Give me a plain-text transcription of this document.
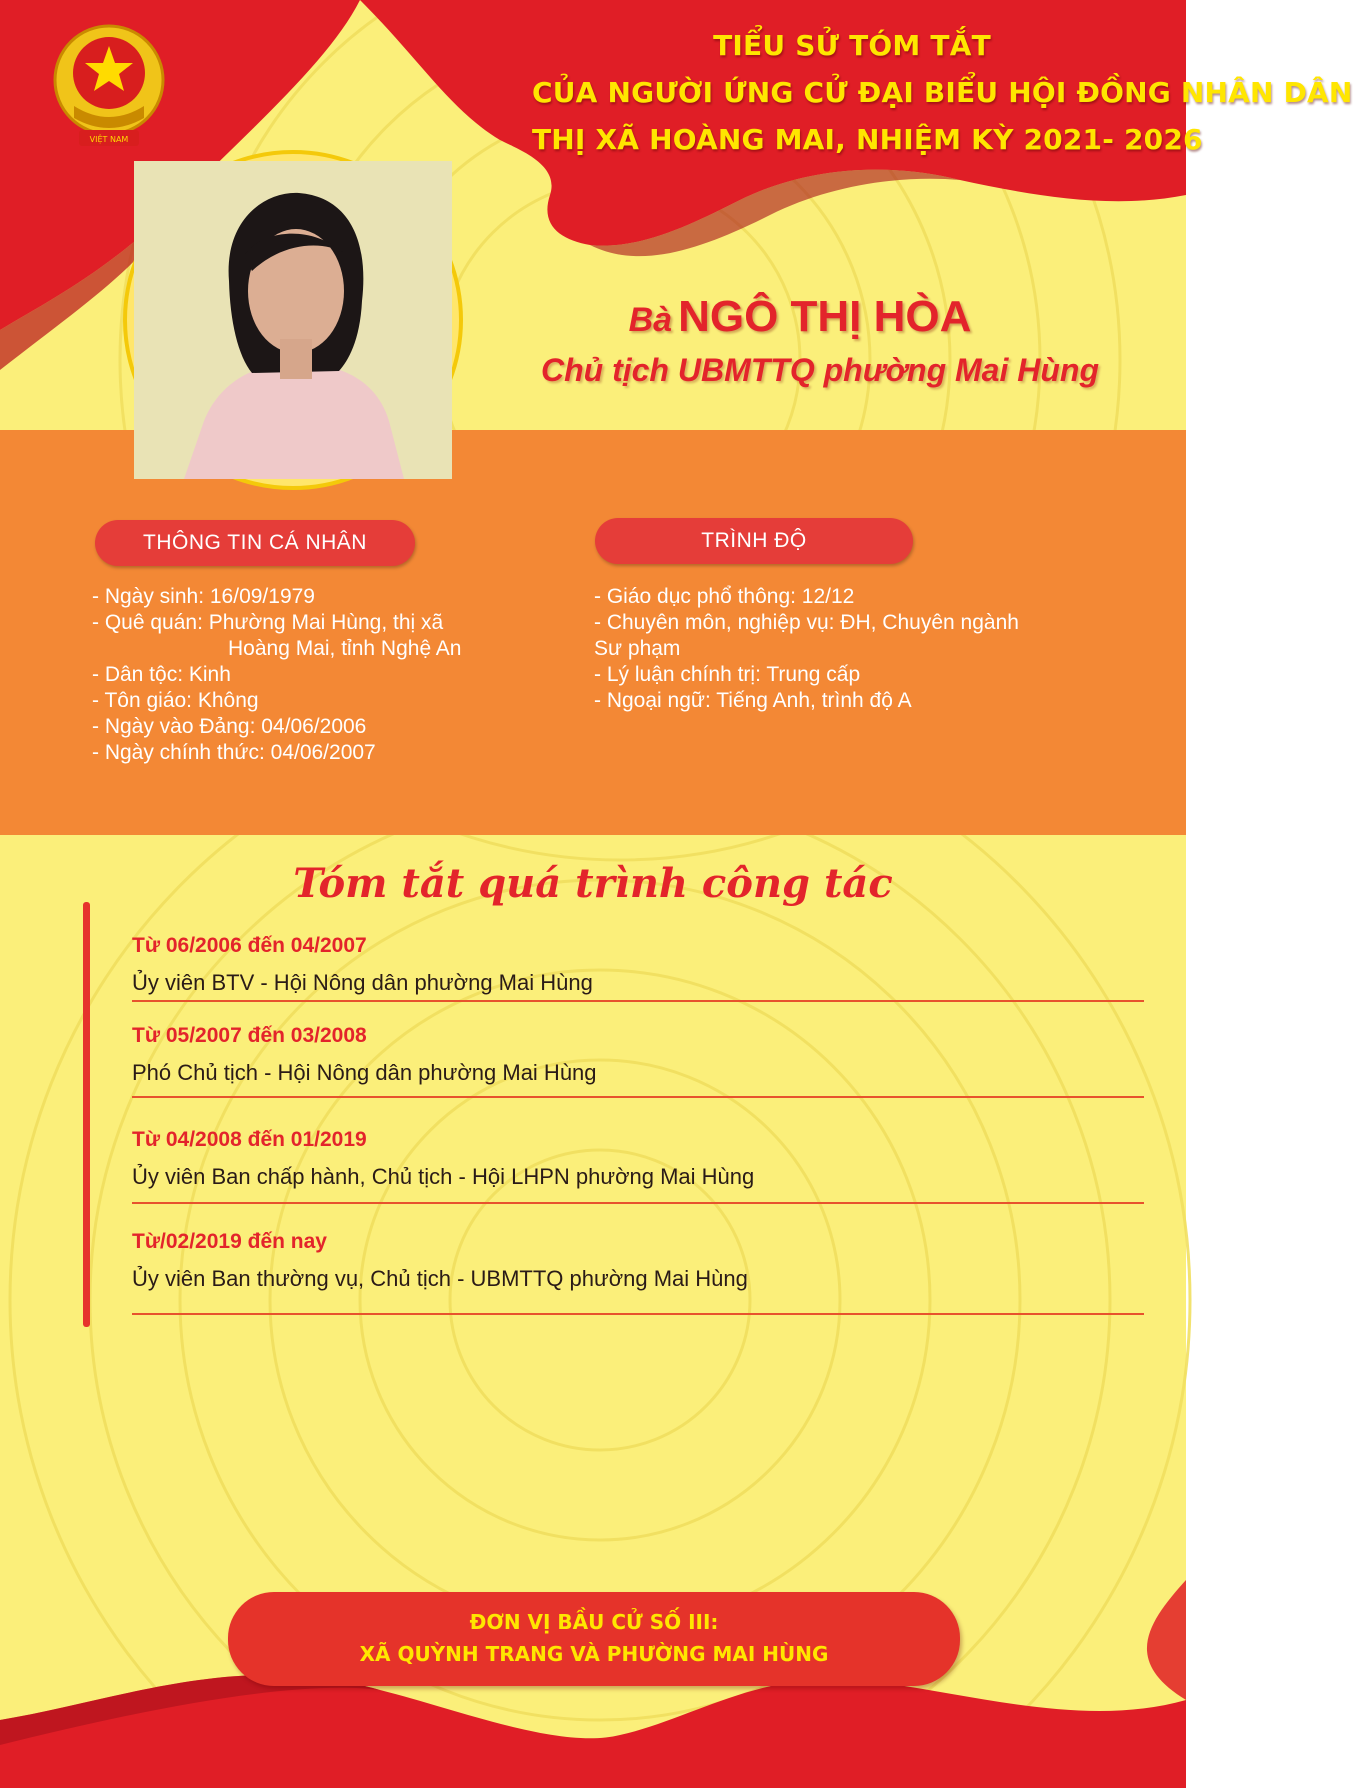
VIỆT NAM
TIỂU SỬ TÓM TẮT
CỦA NGƯỜI ỨNG CỬ ĐẠI BIỂU HỘI ĐỒNG NHÂN DÂN
THỊ XÃ HOÀNG MAI, NHIỆM KỲ 2021- 2026
Bà NGÔ THỊ HÒA
Chủ tịch UBMTTQ phường Mai Hùng
THÔNG TIN CÁ NHÂN	TRÌNH ĐỘ
- Ngày sinh: 16/09/1979
- Quê quán: Phường Mai Hùng, thị xã
Hoàng Mai, tỉnh Nghệ An
- Dân tộc: Kinh
- Tôn giáo: Không
- Ngày vào Đảng: 04/06/2006
- Ngày chính thức: 04/06/2007
- Giáo dục phổ thông: 12/12
- Chuyên môn, nghiệp vụ: ĐH, Chuyên ngành
Sư phạm
- Lý luận chính trị: Trung cấp
- Ngoại ngữ: Tiếng Anh, trình độ A
Tóm tắt quá trình công tác
Từ 06/2006 đến 04/2007
Ủy viên BTV - Hội Nông dân phường Mai Hùng
Từ 05/2007 đến 03/2008
Phó Chủ tịch - Hội Nông dân phường Mai Hùng
Từ 04/2008 đến 01/2019
Ủy viên Ban chấp hành, Chủ tịch - Hội LHPN phường Mai Hùng
Từ/02/2019 đến nay
Ủy viên Ban thường vụ, Chủ tịch - UBMTTQ phường Mai Hùng
ĐƠN VỊ BẦU CỬ SỐ III:
XÃ QUỲNH TRANG VÀ PHƯỜNG MAI HÙNG
